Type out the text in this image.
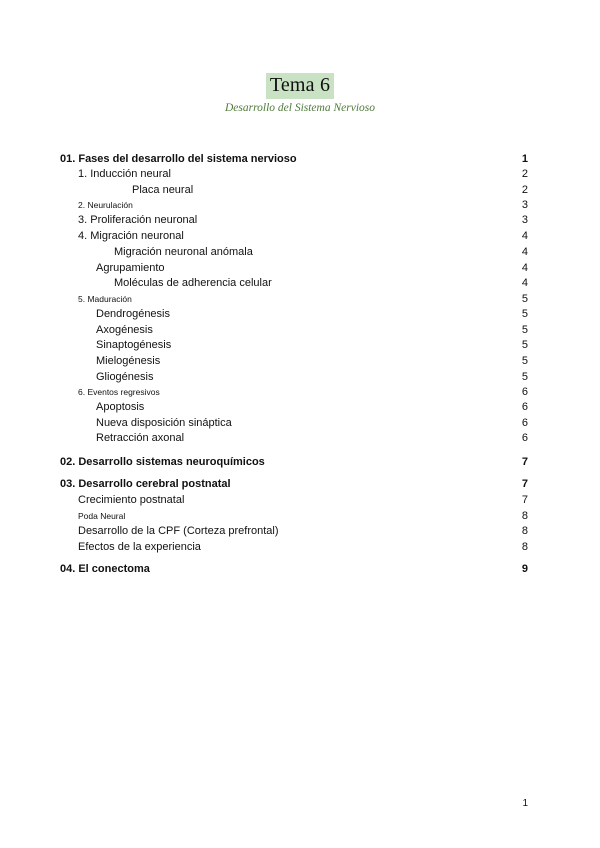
Tema 6
Desarrollo del Sistema Nervioso
01. Fases del desarrollo del sistema nervioso	1
1. Inducción neural	2
Placa neural	2
2. Neurulación	3
3. Proliferación neuronal	3
4. Migración neuronal	4
Migración neuronal anómala	4
Agrupamiento	4
Moléculas de adherencia celular	4
5. Maduración	5
Dendrogénesis	5
Axogénesis	5
Sinaptogénesis	5
Mielogénesis	5
Gliogénesis	5
6. Eventos regresivos	6
Apoptosis	6
Nueva disposición sináptica	6
Retracción axonal	6
02. Desarrollo sistemas neuroquímicos	7
03. Desarrollo cerebral postnatal	7
Crecimiento postnatal	7
Poda Neural	8
Desarrollo de la CPF (Corteza prefrontal)	8
Efectos de la experiencia	8
04. El conectoma	9
1
